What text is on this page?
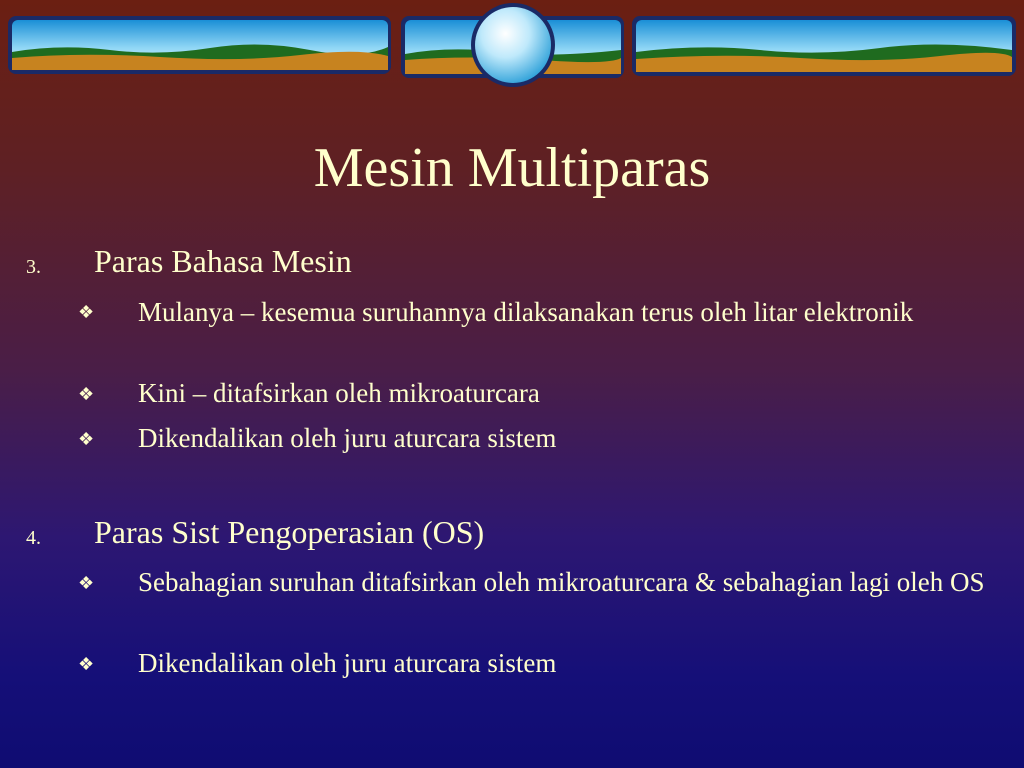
Mesin Multiparas
3. Paras Bahasa Mesin
❖ Mulanya – kesemua suruhannya dilaksanakan terus oleh litar elektronik
❖ Kini – ditafsirkan oleh mikroaturcara
❖ Dikendalikan oleh juru aturcara sistem
4. Paras Sist Pengoperasian (OS)
❖ Sebahagian suruhan ditafsirkan oleh mikroaturcara & sebahagian lagi oleh OS
❖ Dikendalikan oleh juru aturcara sistem
